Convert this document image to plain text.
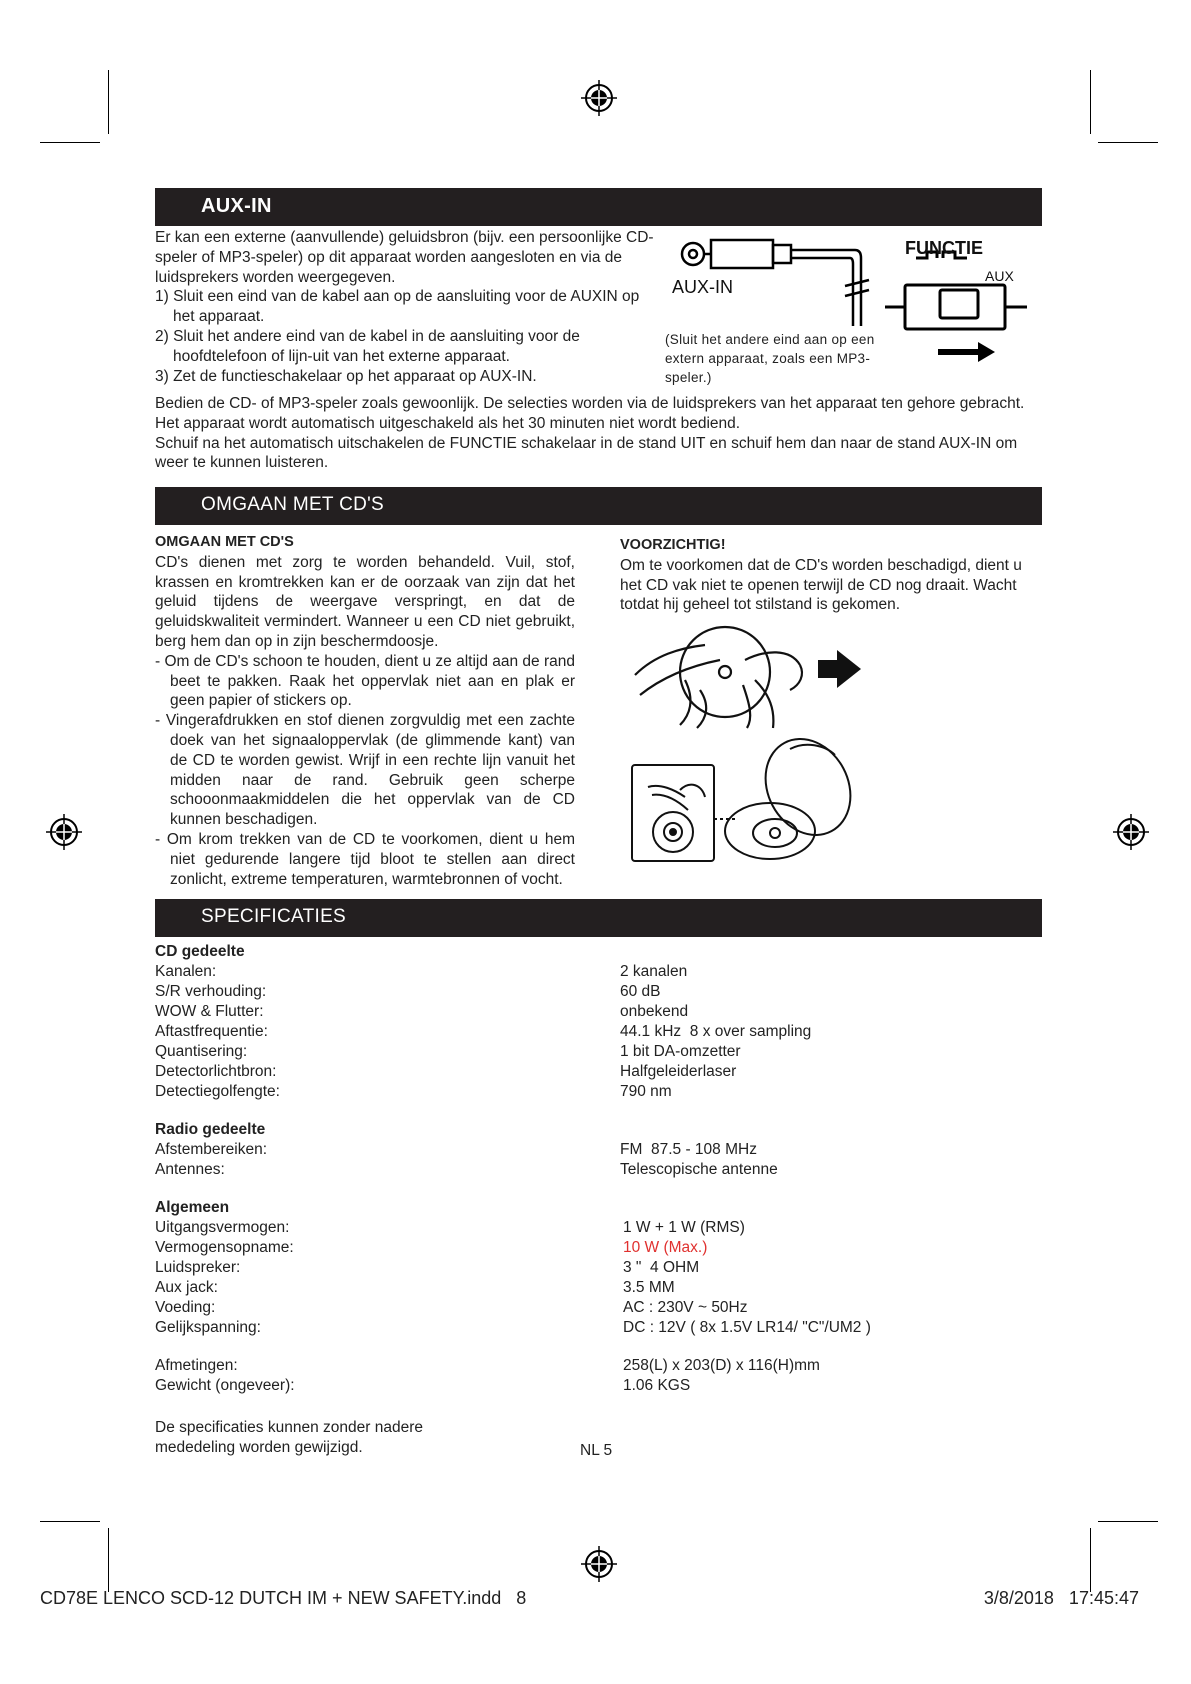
AUX-IN

Er kan een externe (aanvullende) geluidsbron (bijv. een persoonlijke CD-speler of MP3-speler) op dit apparaat worden aangesloten en via de luidsprekers worden weergegeven.

1) Sluit een eind van de kabel aan op de aansluiting voor de AUXIN op het apparaat.

2) Sluit het andere eind van de kabel in de aansluiting voor de hoofdtelefoon of lijn-uit van het externe apparaat.

3) Zet de functieschakelaar op het apparaat op AUX-IN.

AUX-IN
FUNCTIE
AUX
(Sluit het andere eind aan op een extern apparaat, zoals een MP3-speler.)

Bedien de CD- of MP3-speler zoals gewoonlijk. De selecties worden via de luidsprekers van het apparaat ten gehore gebracht. Het apparaat wordt automatisch uitgeschakeld als het 30 minuten niet wordt bediend.

Schuif na het automatisch uitschakelen de FUNCTIE schakelaar in de stand UIT en schuif hem dan naar de stand AUX-IN om weer te kunnen luisteren.

OMGAAN MET CD'S

OMGAAN MET CD'S

CD's dienen met zorg te worden behandeld. Vuil, stof, krassen en kromtrekken kan er de oorzaak van zijn dat het geluid tijdens de weergave verspringt, en dat de geluidskwaliteit vermindert. Wanneer u een CD niet gebruikt, berg hem dan op in zijn beschermdoosje.

- Om de CD's schoon te houden, dient u ze altijd aan de rand beet te pakken. Raak het oppervlak niet aan en plak er geen papier of stickers op.

- Vingerafdrukken en stof dienen zorgvuldig met een zachte doek van het signaaloppervlak (de glimmende kant) van de CD te worden gewist. Wrijf in een rechte lijn vanuit het midden naar de rand. Gebruik geen scherpe schooonmaakmiddelen die het oppervlak van de CD kunnen beschadigen.

- Om krom trekken van de CD te voorkomen, dient u hem niet gedurende langere tijd bloot te stellen aan direct zonlicht, extreme temperaturen, warmtebronnen of vocht.

VOORZICHTIG!

Om te voorkomen dat de CD's worden beschadigd, dient u het CD vak niet te openen terwijl de CD nog draait. Wacht totdat hij geheel tot stilstand is gekomen.

SPECIFICATIES
CD gedeelte
Kanalen:	2 kanalen
S/R verhouding:	60 dB
WOW & Flutter:	onbekend
Aftastfrequentie:	44.1 kHz  8 x over sampling
Quantisering:	1 bit DA-omzetter
Detectorlichtbron:	Halfgeleiderlaser
Detectiegolfengte:	790 nm
Radio gedeelte
Afstembereiken:	FM  87.5 - 108 MHz
Antennes:	Telescopische antenne
Algemeen
Uitgangsvermogen:	1 W + 1 W (RMS)
Vermogensopname:	10 W (Max.)
Luidspreker:	3 "  4 OHM
Aux jack:	3.5 MM
Voeding:	AC : 230V ~ 50Hz
Gelijkspanning:	DC : 12V ( 8x 1.5V LR14/ "C"/UM2 )
Afmetingen:	258(L) x 203(D) x 116(H)mm
Gewicht (ongeveer):	1.06 KGS
De specificaties kunnen zonder nadere mededeling worden gewijzigd.	NL 5
CD78E LENCO SCD-12 DUTCH IM + NEW SAFETY.indd   8	3/8/2018   17:45:47
